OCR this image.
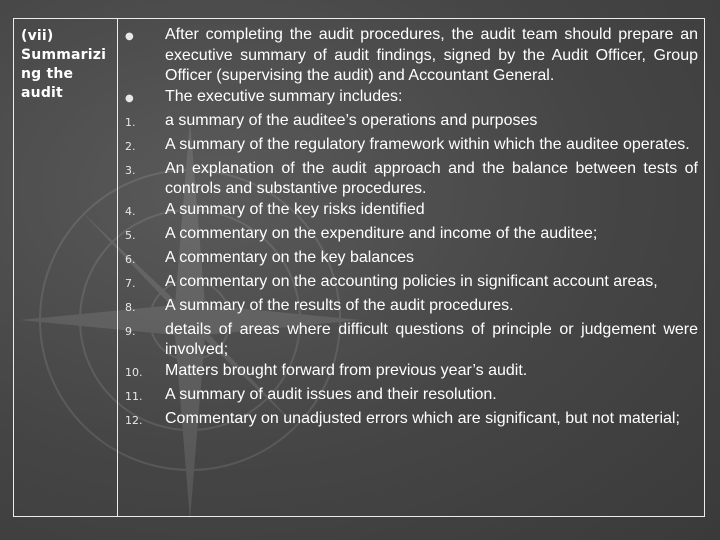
(vii) Summarizi ng the audit
●	After completing the audit procedures, the audit team should prepare an executive summary of audit findings, signed by the Audit Officer, Group Officer (supervising the audit) and Accountant General.
●	The executive summary includes:
1.	a summary of the auditee’s operations and purposes
2.	A summary of the regulatory framework within which the auditee operates.
3.	An explanation of the audit approach and the balance between tests of controls and substantive procedures.
4.	A summary of the key risks identified
5.	A commentary on the expenditure and income of the auditee;
6.	A commentary on the key balances
7.	A commentary on the accounting policies in significant account areas,
8.	A summary of the results of the audit procedures.
9.	details of areas where difficult questions of principle or judgement were involved;
10.	Matters brought forward from previous year’s audit.
11.	A summary of audit issues and their resolution.
12.	Commentary on unadjusted errors which are significant, but not material;
